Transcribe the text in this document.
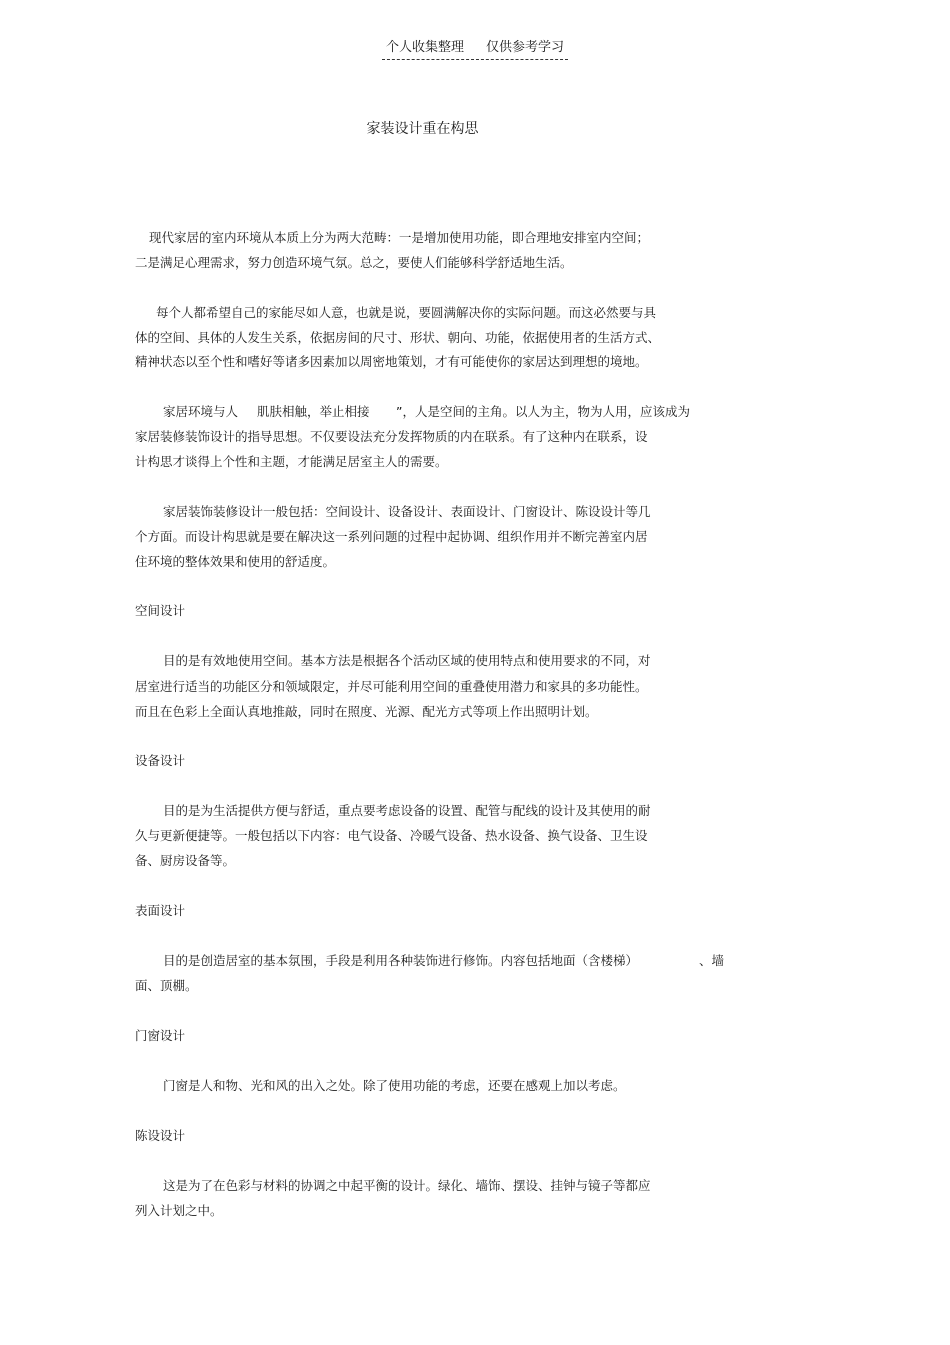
个人收集整理 仅供参考学习
家装设计重在构思
现代家居的室内环境从本质上分为两大范畴：一是增加使用功能，即合理地安排室内空间；
二是满足心理需求，努力创造环境气氛。总之，要使人们能够科学舒适地生活。
每个人都希望自己的家能尽如人意，也就是说，要圆满解决你的实际问题。而这必然要与具
体的空间、具体的人发生关系，依据房间的尺寸、形状、朝向、功能，依据使用者的生活方式、
精神状态以至个性和嗜好等诸多因素加以周密地策划，才有可能使你的家居达到理想的境地。
家居环境与人 肌肤相触，举止相接 ”，人是空间的主角。以人为主，物为人用，应该成为
家居装修装饰设计的指导思想。不仅要设法充分发挥物质的内在联系。有了这种内在联系，设
计构思才谈得上个性和主题，才能满足居室主人的需要。
家居装饰装修设计一般包括：空间设计、设备设计、表面设计、门窗设计、陈设设计等几
个方面。而设计构思就是要在解决这一系列问题的过程中起协调、组织作用并不断完善室内居
住环境的整体效果和使用的舒适度。
空间设计
目的是有效地使用空间。基本方法是根据各个活动区域的使用特点和使用要求的不同，对
居室进行适当的功能区分和领域限定，并尽可能利用空间的重叠使用潜力和家具的多功能性。
而且在色彩上全面认真地推敲，同时在照度、光源、配光方式等项上作出照明计划。
设备设计
目的是为生活提供方便与舒适，重点要考虑设备的设置、配管与配线的设计及其使用的耐
久与更新便捷等。一般包括以下内容：电气设备、冷暖气设备、热水设备、换气设备、卫生设
备、厨房设备等。
表面设计
目的是创造居室的基本氛围，手段是利用各种装饰进行修饰。内容包括地面（含楼梯）	、墙
面、顶棚。
门窗设计
门窗是人和物、光和风的出入之处。除了使用功能的考虑，还要在感观上加以考虑。
陈设设计
这是为了在色彩与材料的协调之中起平衡的设计。绿化、墙饰、摆设、挂钟与镜子等都应
列入计划之中。
